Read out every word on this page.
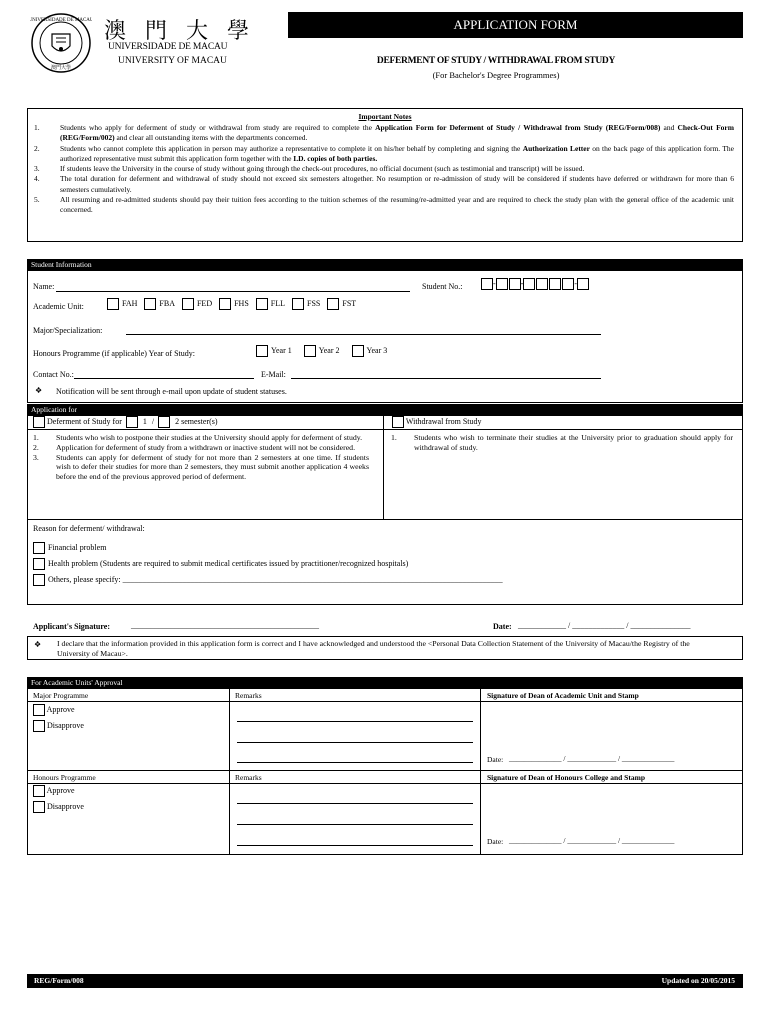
UNIVERSIDADE DE MACAU
澳門大學
澳 門 大 學
UNIVERSIDADE DE MACAU
UNIVERSITY OF MACAU
APPLICATION FORM
DEFERMENT OF STUDY / WITHDRAWAL FROM STUDY
(For Bachelor's Degree Programmes)
Important Notes
1.	Students who apply for deferment of study or withdrawal from study are required to complete the Application Form for Deferment of Study / Withdrawal from Study (REG/Form/008) and Check-Out Form (REG/Form/002) and clear all outstanding items with the departments concerned.
2.	Students who cannot complete this application in person may authorize a representative to complete it on his/her behalf by completing and signing the Authorization Letter on the back page of this application form. The authorized representative must submit this application form together with the I.D. copies of both parties.
3.	If students leave the University in the course of study without going through the check-out procedures, no official document (such as testimonial and transcript) will be issued.
4.	The total duration for deferment and withdrawal of study should not exceed six semesters altogether. No resumption or re-admission of study will be considered if students have deferred or withdrawn for more than 6 semesters cumulatively.
5.	All resuming and re-admitted students should pay their tuition fees according to the tuition schemes of the resuming/re-admitted year and are required to check the study plan with the general office of the academic unit concerned.
Student Information
Name:	Student No.:	-	-	-
Academic Unit:	FAH	FBA	FED	FHS	FLL	FSS	FST
Major/Specialization:
Honours Programme (if applicable) Year of Study:	Year 1	Year 2	Year 3
Contact No.:	E-Mail:
❖ Notification will be sent through e-mail upon update of student statuses.
Application for
Deferment of Study for	1 /	2 semester(s)	Withdrawal from Study
1. Students who wish to postpone their studies at the University should apply for deferment of study.
2. Application for deferment of study from a withdrawn or inactive student will not be considered.
3. Students can apply for deferment of study for not more than 2 semesters at one time. If students wish to defer their studies for more than 2 semesters, they must submit another application 4 weeks before the end of the previous approved period of deferment.
1. Students who wish to terminate their studies at the University prior to graduation should apply for withdrawal of study.
Reason for deferment/ withdrawal:
Financial problem
Health problem (Students are required to submit medical certificates issued by practitioner/recognized hospitals)
Others, please specify: _______________________________________________________________________________________________
Applicant's Signature:	_______________________________________________	Date: ____________ / _____________ / _______________
❖ I declare that the information provided in this application form is correct and I have acknowledged and understood the <Personal Data Collection Statement of the University of Macau/the Registry of the University of Macau>.
For Academic Units' Approval
Major Programme	Remarks	Signature of Dean of Academic Unit and Stamp
Approve
Disapprove
Date: ______________ / _____________ / ______________
Honours Programme	Remarks	Signature of Dean of Honours College and Stamp
Approve
Disapprove
Date: ______________ / _____________ / ______________
REG/Form/008	Updated on 20/05/2015
